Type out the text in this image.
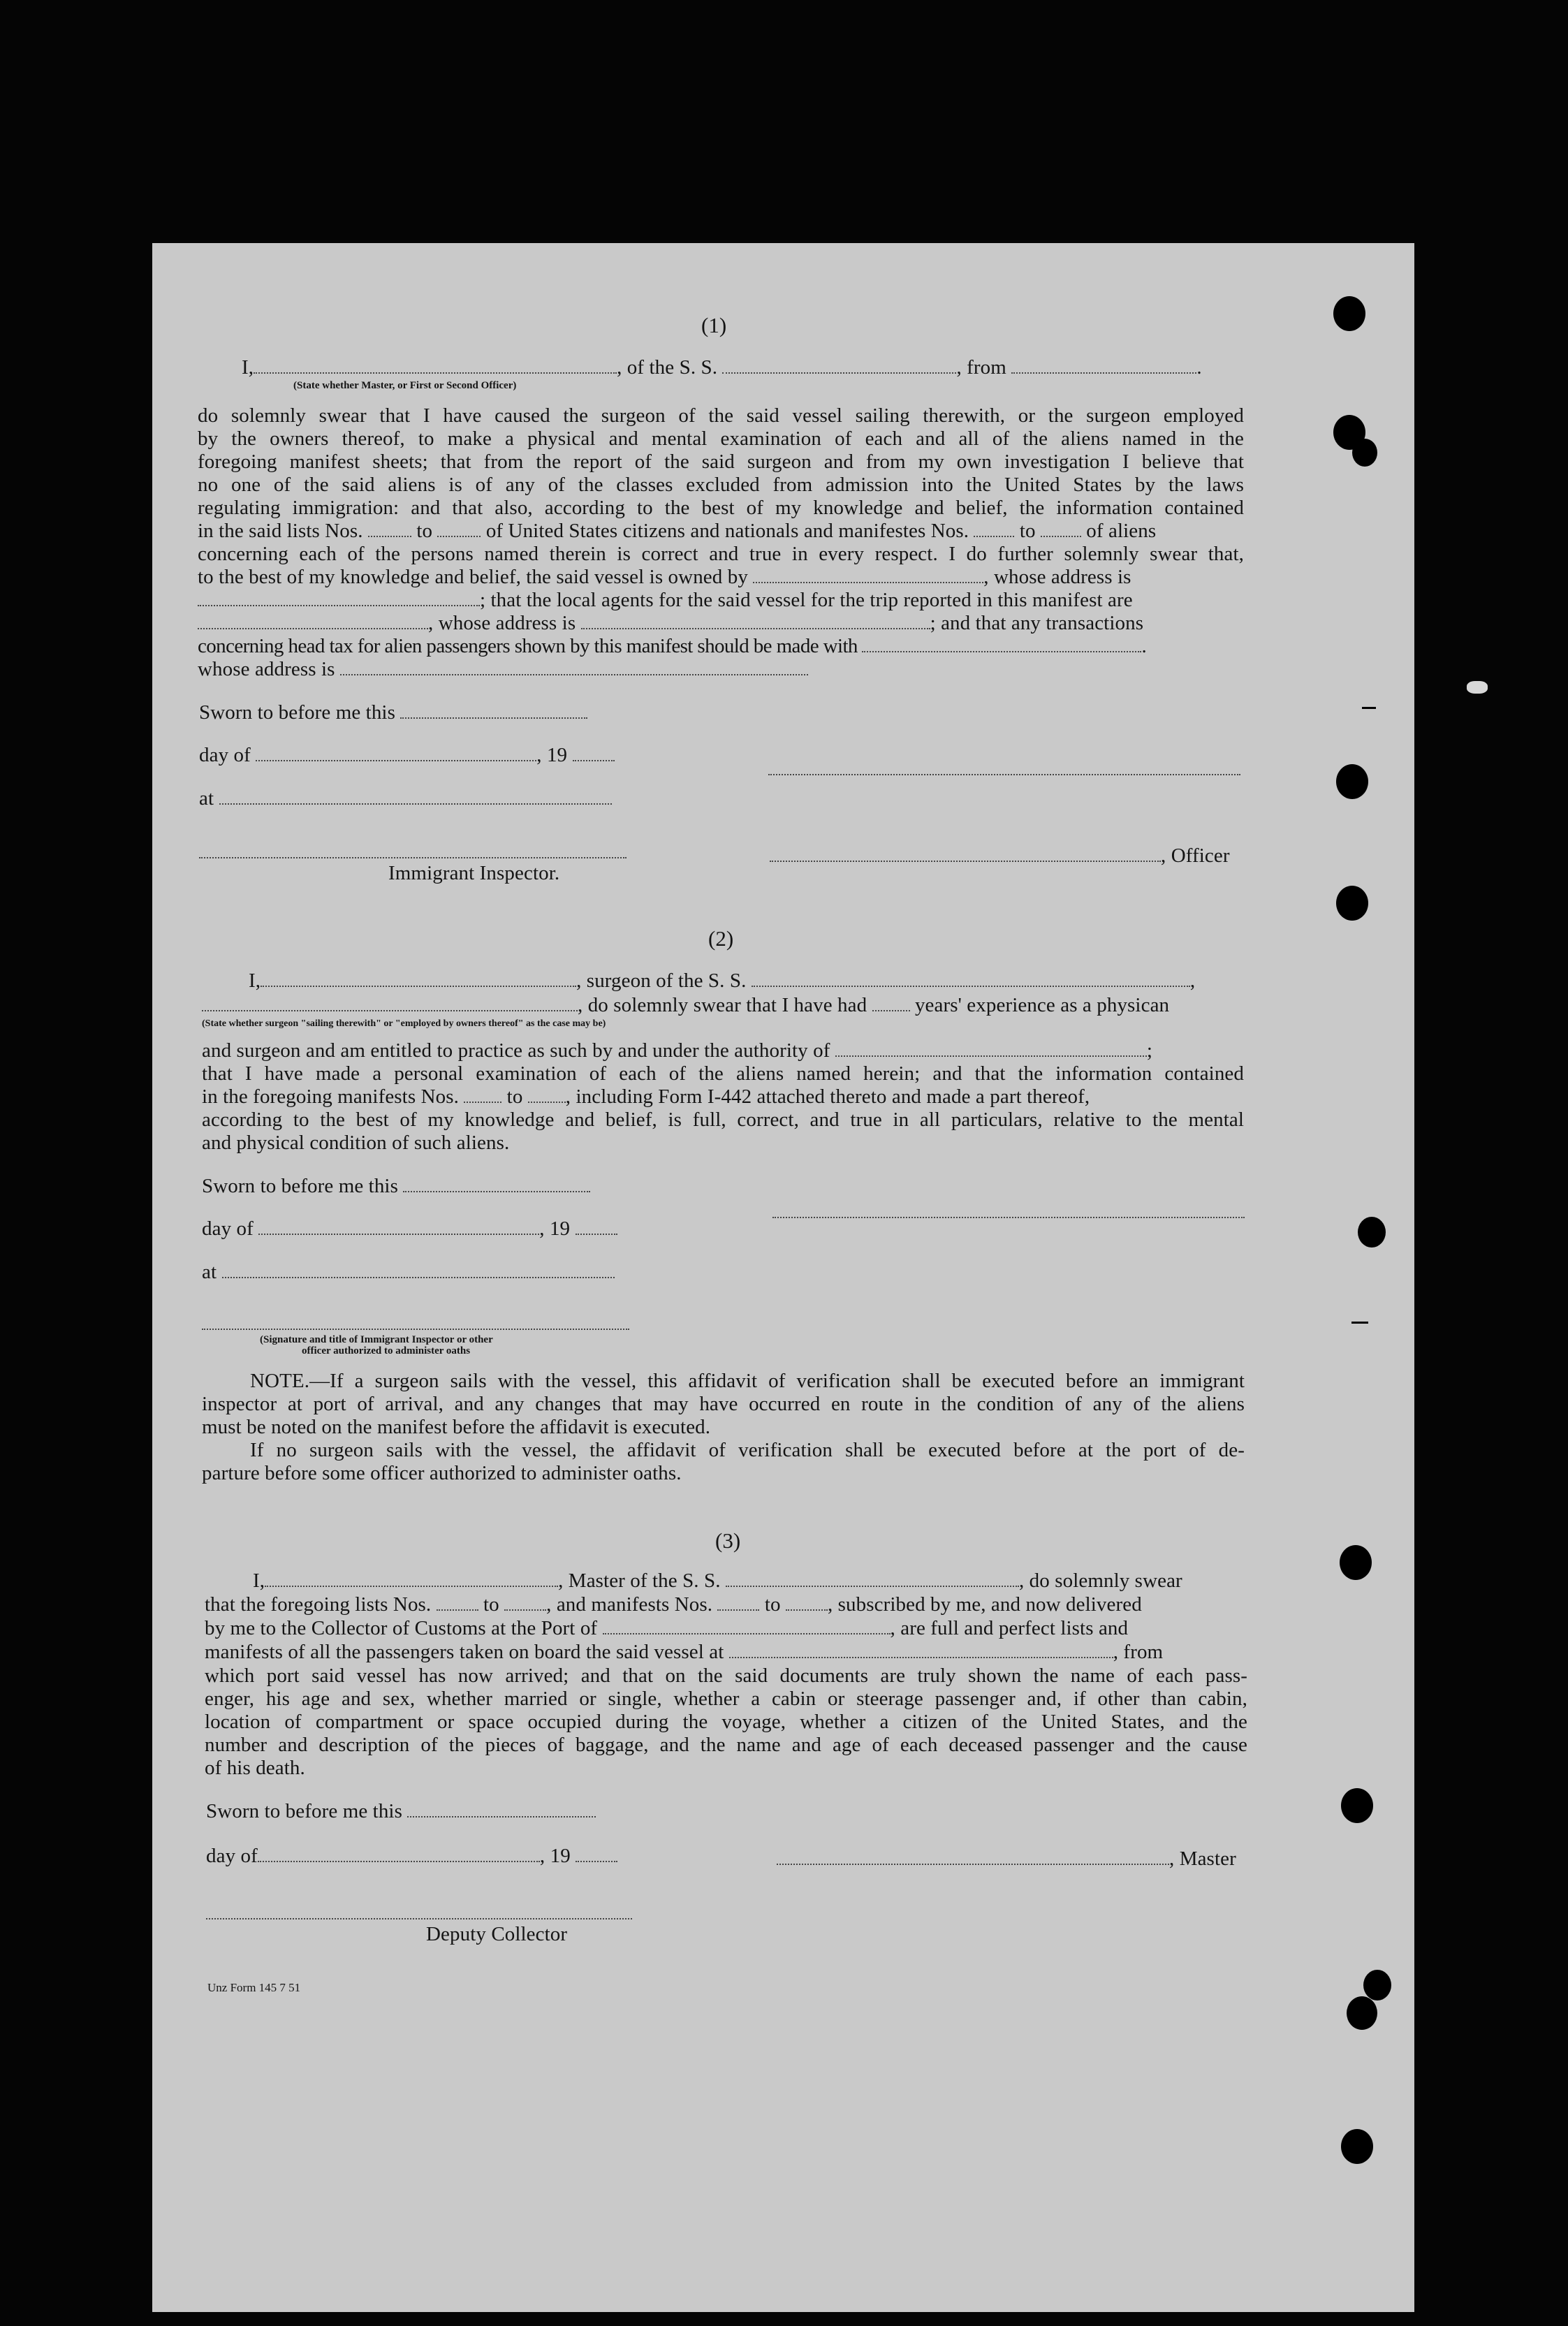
(1)
I,	, of the S. S.	, from	.
(State whether Master, or First or Second Officer)
do solemnly swear that I have caused the surgeon of the said vessel sailing therewith, or the surgeon employed
by the owners thereof, to make a physical and mental examination of each and all of the aliens named in the
foregoing manifest sheets; that from the report of the said surgeon and from my own investigation I believe that
no one of the said aliens is of any of the classes excluded from admission into the United States by the laws
regulating immigration: and that also, according to the best of my knowledge and belief, the information contained
in the said lists Nos.	to	of United States citizens and nationals and manifestes Nos.	to	of aliens
concerning each of the persons named therein is correct and true in every respect. I do further solemnly swear that,
to the best of my knowledge and belief, the said vessel is owned by	, whose address is
; that the local agents for the said vessel for the trip reported in this manifest are
, whose address is	; and that any transactions
concerning head tax for alien passengers shown by this manifest should be made with	.
whose address is
Sworn to before me this
day of	, 19
at
, Officer
Immigrant Inspector.
(2)
I,	, surgeon of the S. S.	,
, do solemnly swear that I have had years' experience as a physican
(State whether surgeon "sailing therewith" or "employed by owners thereof" as the case may be)
and surgeon and am entitled to practice as such by and under the authority of	;
that I have made a personal examination of each of the aliens named herein; and that the information contained
in the foregoing manifests Nos. to , including Form I-442 attached thereto and made a part thereof,
according to the best of my knowledge and belief, is full, correct, and true in all particulars, relative to the mental
and physical condition of such aliens.
Sworn to before me this
day of	, 19
at
(Signature and title of Immigrant Inspector or other
officer authorized to administer oaths
NOTE.—If a surgeon sails with the vessel, this affidavit of verification shall be executed before an immigrant
inspector at port of arrival, and any changes that may have occurred en route in the condition of any of the aliens
must be noted on the manifest before the affidavit is executed.
If no surgeon sails with the vessel, the affidavit of verification shall be executed before at the port of de-
parture before some officer authorized to administer oaths.
(3)
I,	, Master of the S. S.	, do solemnly swear
that the foregoing lists Nos.	to , and manifests Nos.	to , subscribed by me, and now delivered
by me to the Collector of Customs at the Port of	, are full and perfect lists and
manifests of all the passengers taken on board the said vessel at	, from
which port said vessel has now arrived; and that on the said documents are truly shown the name of each pass-
enger, his age and sex, whether married or single, whether a cabin or steerage passenger and, if other than cabin,
location of compartment or space occupied during the voyage, whether a citizen of the United States, and the
number and description of the pieces of baggage, and the name and age of each deceased passenger and the cause
of his death.
Sworn to before me this
day of	, 19	, Master
Deputy Collector
Unz Form 145 7 51
